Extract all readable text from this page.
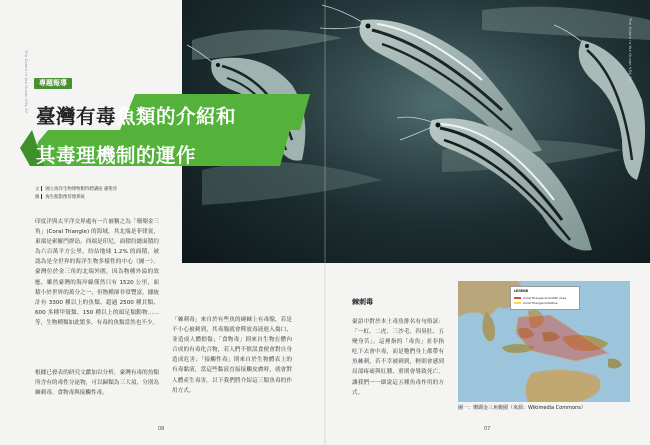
The Colors in the Ocean VOL.37
The Colors in the Ocean VOL.37
專題報導
臺灣有毒魚類的介紹和
其毒理機制的運作
文 國立海洋生物博物館特聘講座 蕭聖淳
圖 海生館影像管理系統
印度洋與太平洋交界處有一片被稱之為「珊瑚金三角」(Coral Triangle) 的海域，其北端是菲律賓，東端是索羅門群島，西端是印尼，面積約總面積約為六百萬平方公里，約佔地球 1.2% 的面積，被認為是全世界的海洋生物多樣性的中心（圖一）。臺灣位於金三角的北端外圍，因為物種外溢的效應，雖然臺灣的海岸線僅然只有 1520 公里，面積小於世界的萬分之一，但物種卻非常豐富，據統計有 3300 種以上的魚類、超過 2500 種貝類、600 多種甲殼類、150 種以上的頭足類動物……等，生物種類如此繁多，有毒的魚類當然也不少。
根據已發表的研究文獻加以分析，臺灣有毒的魚類所含有的毒性分泌物，可以歸類為三大項，分別為棘刺毒、食物毒與接觸性毒。
「棘刺毒」來自於有些魚的硬棘上有毒腺，若是不小心被刺到，其毒腺就會釋放毒液進入傷口，並造成人體損傷；「食物毒」則來自生物在體內合成的有毒化合物，若人們不慎誤食便會對自身造成危害；「接觸性毒」則來自於生物體表上的有毒黏液，當這些黏液直接接觸皮膚時，就會對人體產生毒害。以下我們將介紹這三類魚毒的作用方式。
棘刺毒
臺語中對於本土毒魚排名有句俗諺：「一虹、二虎、三沙毛、四臭肚、五變身苦」。這裡指的「毒魚」並非指吃下去會中毒，而是牠們身上都帶有魚棘刺，若不幸被刺到，輕則會感到局部疼痛與紅腫，重則會導致死亡。讓我們一一細說這五種魚毒作用的方式。
LEGEND
Coral Triangle Scientific Area
Coral Triangle Initiative
圖一：珊瑚金三角範圍（來源：Wikimedia Commons）
08	07
